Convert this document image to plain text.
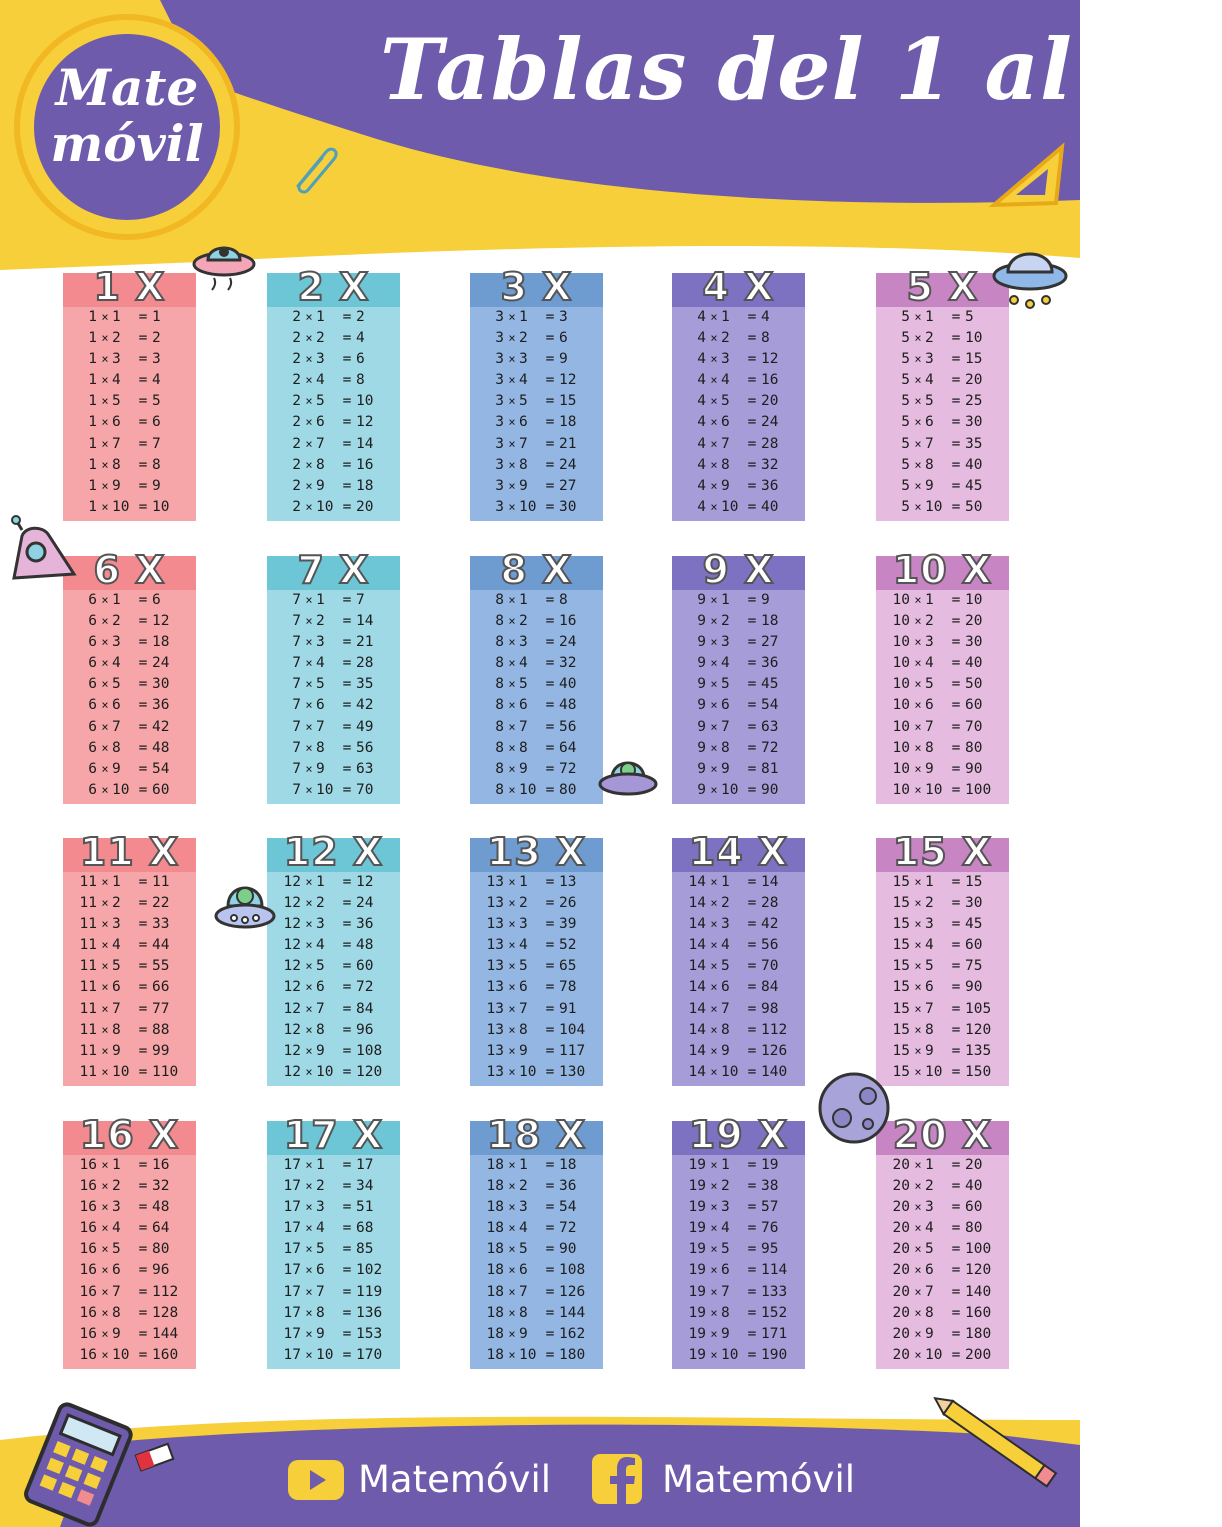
Mate
móvil
Tablas del 1 al 20
1 X
1 × 1	= 1
1 × 2	= 2
1 × 3	= 3
1 × 4	= 4
1 × 5	= 5
1 × 6	= 6
1 × 7	= 7
1 × 8	= 8
1 × 9	= 9
1 × 10 = 10
2 X
2 × 1	= 2
2 × 2	= 4
2 × 3	= 6
2 × 4	= 8
2 × 5	= 10
2 × 6	= 12
2 × 7	= 14
2 × 8	= 16
2 × 9	= 18
2 × 10 = 20
3 X
3 × 1	= 3
3 × 2	= 6
3 × 3	= 9
3 × 4	= 12
3 × 5	= 15
3 × 6	= 18
3 × 7	= 21
3 × 8	= 24
3 × 9	= 27
3 × 10 = 30
4 X
4 × 1	= 4
4 × 2	= 8
4 × 3	= 12
4 × 4	= 16
4 × 5	= 20
4 × 6	= 24
4 × 7	= 28
4 × 8	= 32
4 × 9	= 36
4 × 10 = 40
5 X
5 × 1	= 5
5 × 2	= 10
5 × 3	= 15
5 × 4	= 20
5 × 5	= 25
5 × 6	= 30
5 × 7	= 35
5 × 8	= 40
5 × 9	= 45
5 × 10 = 50
6 X
6 × 1	= 6
6 × 2	= 12
6 × 3	= 18
6 × 4	= 24
6 × 5	= 30
6 × 6	= 36
6 × 7	= 42
6 × 8	= 48
6 × 9	= 54
6 × 10 = 60
7 X
7 × 1	= 7
7 × 2	= 14
7 × 3	= 21
7 × 4	= 28
7 × 5	= 35
7 × 6	= 42
7 × 7	= 49
7 × 8	= 56
7 × 9	= 63
7 × 10 = 70
8 X
8 × 1	= 8
8 × 2	= 16
8 × 3	= 24
8 × 4	= 32
8 × 5	= 40
8 × 6	= 48
8 × 7	= 56
8 × 8	= 64
8 × 9	= 72
8 × 10 = 80
9 X
9 × 1	= 9
9 × 2	= 18
9 × 3	= 27
9 × 4	= 36
9 × 5	= 45
9 × 6	= 54
9 × 7	= 63
9 × 8	= 72
9 × 9	= 81
9 × 10 = 90
10 X
10 × 1	= 10
10 × 2	= 20
10 × 3	= 30
10 × 4	= 40
10 × 5	= 50
10 × 6	= 60
10 × 7	= 70
10 × 8	= 80
10 × 9	= 90
10 × 10 = 100
11 X
11 × 1	= 11
11 × 2	= 22
11 × 3	= 33
11 × 4	= 44
11 × 5	= 55
11 × 6	= 66
11 × 7	= 77
11 × 8	= 88
11 × 9	= 99
11 × 10 = 110
12 X
12 × 1	= 12
12 × 2	= 24
12 × 3	= 36
12 × 4	= 48
12 × 5	= 60
12 × 6	= 72
12 × 7	= 84
12 × 8	= 96
12 × 9	= 108
12 × 10 = 120
13 X
13 × 1	= 13
13 × 2	= 26
13 × 3	= 39
13 × 4	= 52
13 × 5	= 65
13 × 6	= 78
13 × 7	= 91
13 × 8	= 104
13 × 9	= 117
13 × 10 = 130
14 X
14 × 1	= 14
14 × 2	= 28
14 × 3	= 42
14 × 4	= 56
14 × 5	= 70
14 × 6	= 84
14 × 7	= 98
14 × 8	= 112
14 × 9	= 126
14 × 10 = 140
15 X
15 × 1	= 15
15 × 2	= 30
15 × 3	= 45
15 × 4	= 60
15 × 5	= 75
15 × 6	= 90
15 × 7	= 105
15 × 8	= 120
15 × 9	= 135
15 × 10 = 150
16 X
16 × 1	= 16
16 × 2	= 32
16 × 3	= 48
16 × 4	= 64
16 × 5	= 80
16 × 6	= 96
16 × 7	= 112
16 × 8	= 128
16 × 9	= 144
16 × 10 = 160
17 X
17 × 1	= 17
17 × 2	= 34
17 × 3	= 51
17 × 4	= 68
17 × 5	= 85
17 × 6	= 102
17 × 7	= 119
17 × 8	= 136
17 × 9	= 153
17 × 10 = 170
18 X
18 × 1	= 18
18 × 2	= 36
18 × 3	= 54
18 × 4	= 72
18 × 5	= 90
18 × 6	= 108
18 × 7	= 126
18 × 8	= 144
18 × 9	= 162
18 × 10 = 180
19 X
19 × 1	= 19
19 × 2	= 38
19 × 3	= 57
19 × 4	= 76
19 × 5	= 95
19 × 6	= 114
19 × 7	= 133
19 × 8	= 152
19 × 9	= 171
19 × 10 = 190
20 X
20 × 1	= 20
20 × 2	= 40
20 × 3	= 60
20 × 4	= 80
20 × 5	= 100
20 × 6	= 120
20 × 7	= 140
20 × 8	= 160
20 × 9	= 180
20 × 10 = 200
Matemóvil	Matemóvil
